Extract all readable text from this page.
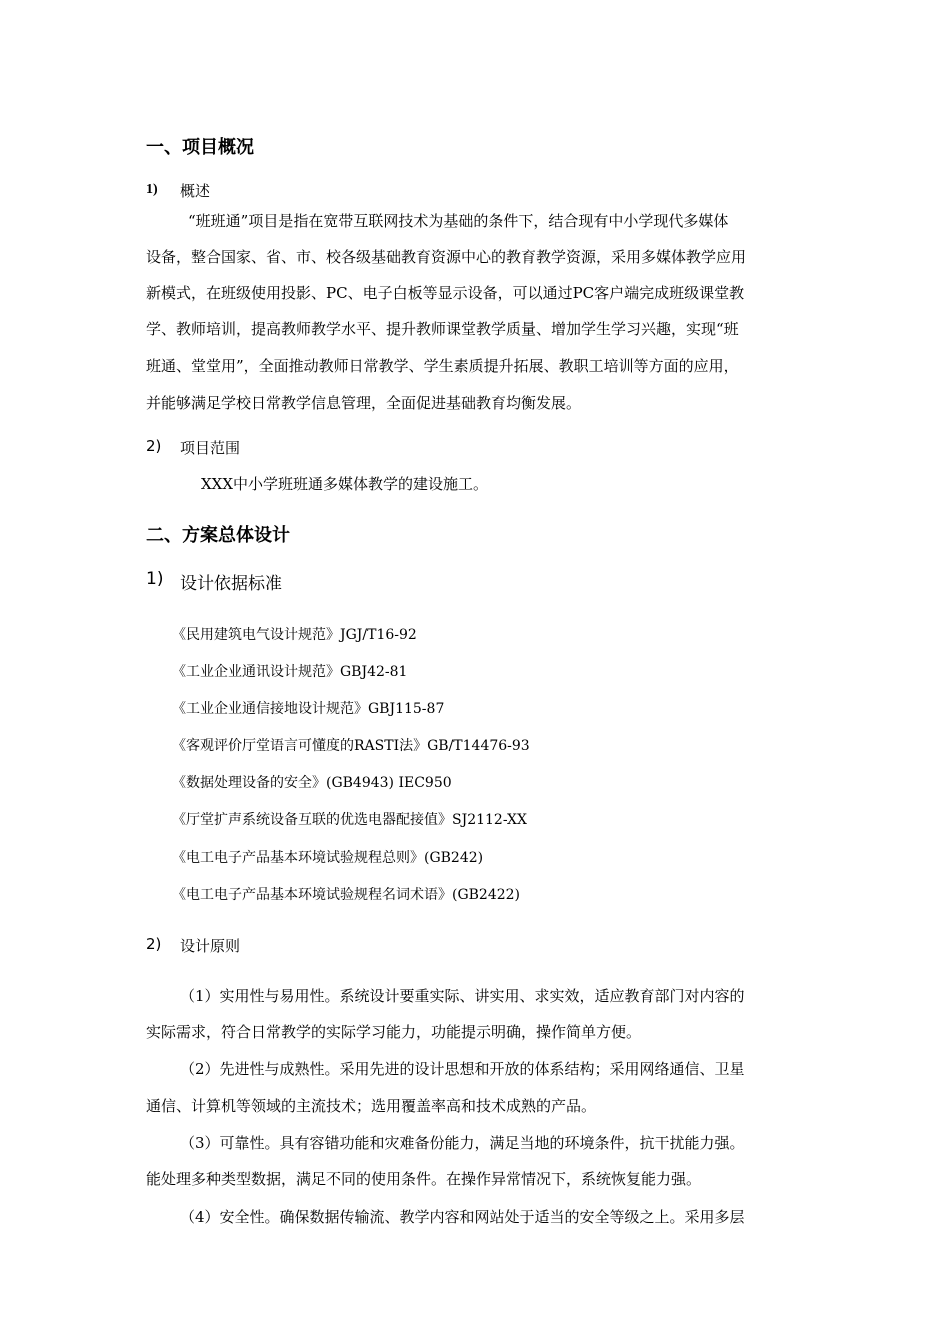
一、项目概况
1) 概述
“班班通”项目是指在宽带互联网技术为基础的条件下，结合现有中小学现代多媒体
设备，整合国家、省、市、校各级基础教育资源中心的教育教学资源，采用多媒体教学应用
新模式，在班级使用投影、PC、电子白板等显示设备，可以通过PC客户端完成班级课堂教
学、教师培训，提高教师教学水平、提升教师课堂教学质量、增加学生学习兴趣，实现“班
班通、堂堂用”，全面推动教师日常教学、学生素质提升拓展、教职工培训等方面的应用，
并能够满足学校日常教学信息管理，全面促进基础教育均衡发展。
2) 项目范围
XXX中小学班班通多媒体教学的建设施工。
二、方案总体设计
1) 设计依据标准
《民用建筑电气设计规范》JGJ/T16-92
《工业企业通讯设计规范》GBJ42-81
《工业企业通信接地设计规范》GBJ115-87
《客观评价厅堂语言可懂度的RASTI法》GB/T14476-93
《数据处理设备的安全》(GB4943) IEC950
《厅堂扩声系统设备互联的优选电器配接值》SJ2112-XX
《电工电子产品基本环境试验规程总则》(GB242)
《电工电子产品基本环境试验规程名词术语》(GB2422)
2) 设计原则
（1）实用性与易用性。系统设计要重实际、讲实用、求实效，适应教育部门对内容的
实际需求，符合日常教学的实际学习能力，功能提示明确，操作简单方便。
（2）先进性与成熟性。采用先进的设计思想和开放的体系结构；采用网络通信、卫星
通信、计算机等领域的主流技术；选用覆盖率高和技术成熟的产品。
（3）可靠性。具有容错功能和灾难备份能力，满足当地的环境条件，抗干扰能力强。
能处理多种类型数据，满足不同的使用条件。在操作异常情况下，系统恢复能力强。
（4）安全性。确保数据传输流、教学内容和网站处于适当的安全等级之上。采用多层
